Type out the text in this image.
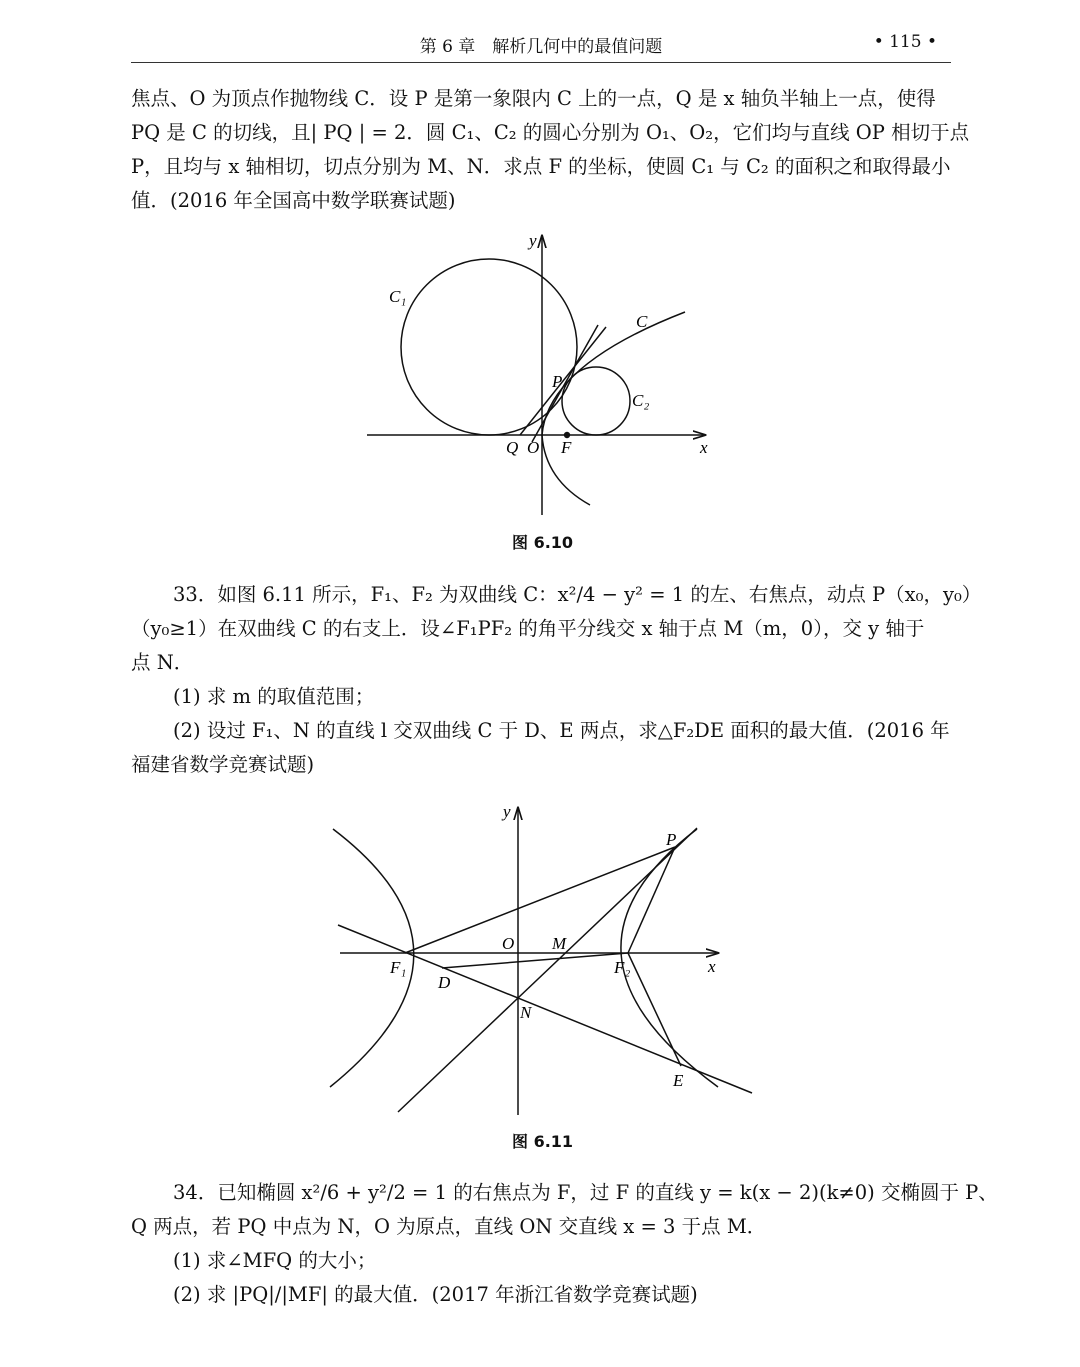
第 6 章　解析几何中的最值问题	• 115 •
焦点、O 为顶点作抛物线 C．设 P 是第一象限内 C 上的一点，Q 是 x 轴负半轴上一点，使得
PQ 是 C 的切线，且| PQ | = 2．圆 C₁、C₂ 的圆心分别为 O₁、O₂，它们均与直线 OP 相切于点
P，且均与 x 轴相切，切点分别为 M、N．求点 F 的坐标，使圆 C₁ 与 C₂ 的面积之和取得最小
值．(2016 年全国高中数学联赛试题)
y
x
C₁
C
P
C₂
Q O F
图 6.10
33．如图 6.11 所示，F₁、F₂ 为双曲线 C：x²/4 − y² = 1 的左、右焦点，动点 P（x₀，y₀）
（y₀≥1）在双曲线 C 的右支上．设∠F₁PF₂ 的角平分线交 x 轴于点 M（m，0），交 y 轴于
点 N．
(1) 求 m 的取值范围；
(2) 设过 F₁、N 的直线 l 交双曲线 C 于 D、E 两点，求△F₂DE 面积的最大值．(2016 年
福建省数学竞赛试题)
y
x
P
O M
F₁	F₂
D
N
E
图 6.11
34．已知椭圆 x²/6 + y²/2 = 1 的右焦点为 F，过 F 的直线 y = k(x − 2)(k≠0) 交椭圆于 P、
Q 两点，若 PQ 中点为 N，O 为原点，直线 ON 交直线 x = 3 于点 M．
(1) 求∠MFQ 的大小；
(2) 求 |PQ|/|MF| 的最大值．(2017 年浙江省数学竞赛试题)
